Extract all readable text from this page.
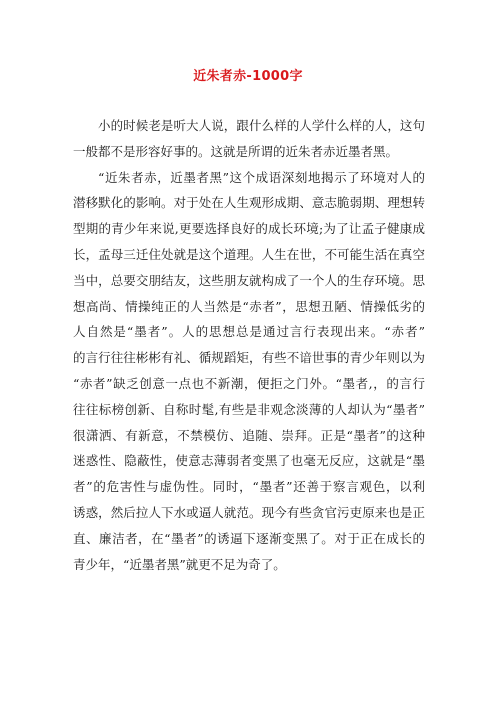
近朱者赤-1000字
小的时候老是听大人说，跟什么样的人学什么样的人，这句
一般都不是形容好事的。这就是所谓的近朱者赤近墨者黑。
“近朱者赤，近墨者黑”这个成语深刻地揭示了环境对人的
潜移默化的影响。对于处在人生观形成期、意志脆弱期、理想转
型期的青少年来说,更要选择良好的成长环境;为了让孟子健康成
长，孟母三迁住处就是这个道理。人生在世，不可能生活在真空
当中，总要交朋结友，这些朋友就构成了一个人的生存环境。思
想高尚、情操纯正的人当然是“赤者”，思想丑陋、情操低劣的
人自然是“墨者”。人的思想总是通过言行表现出来。“赤者”
的言行往往彬彬有礼、循规蹈矩，有些不谙世事的青少年则以为
“赤者”缺乏创意一点也不新潮，便拒之门外。“墨者,，的言行
往往标榜创新、自称时髦,有些是非观念淡薄的人却认为“墨者”
很潇洒、有新意，不禁模仿、追随、崇拜。正是“墨者”的这种
迷惑性、隐蔽性，使意志薄弱者变黑了也毫无反应，这就是“墨
者”的危害性与虚伪性。同时，“墨者”还善于察言观色，以利
诱惑，然后拉人下水或逼人就范。现今有些贪官污吏原来也是正
直、廉洁者，在“墨者”的诱逼下逐渐变黑了。对于正在成长的
青少年，“近墨者黑”就更不足为奇了。
